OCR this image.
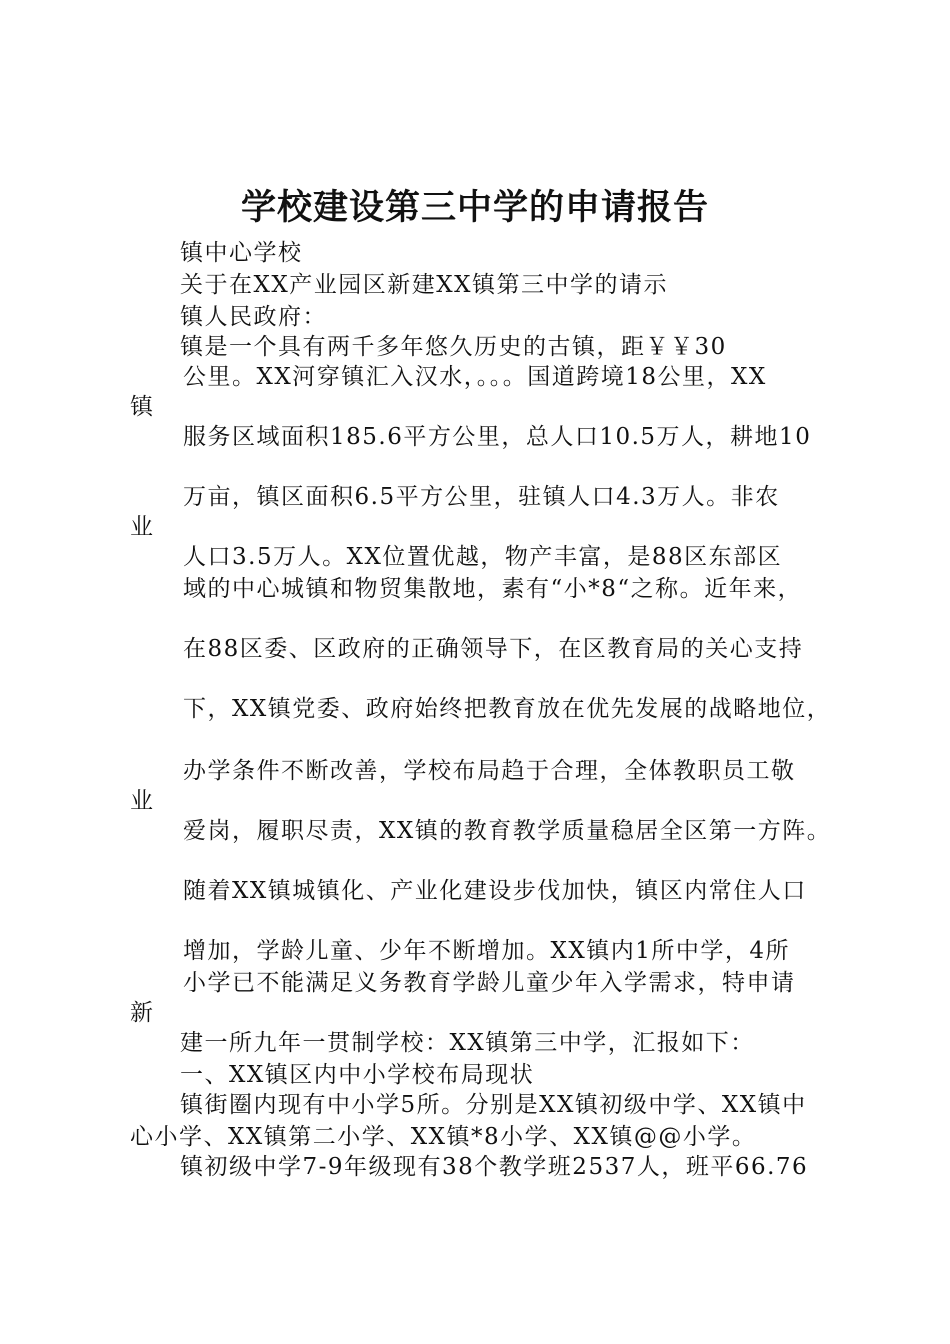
学校建设第三中学的申请报告
镇中心学校
关于在XX产业园区新建XX镇第三中学的请示
镇人民政府：
镇是一个具有两千多年悠久历史的古镇，距￥￥30
公里。XX河穿镇汇入汉水，。。。国道跨境18公里，XX
镇
服务区域面积185.6平方公里，总人口10.5万人，耕地10
万亩，镇区面积6.5平方公里，驻镇人口4.3万人。非农
业
人口3.5万人。XX位置优越，物产丰富，是88区东部区
域的中心城镇和物贸集散地，素有“小*8“之称。近年来，
在88区委、区政府的正确领导下，在区教育局的关心支持
下，XX镇党委、政府始终把教育放在优先发展的战略地位，
办学条件不断改善，学校布局趋于合理，全体教职员工敬
业
爱岗，履职尽责，XX镇的教育教学质量稳居全区第一方阵。
随着XX镇城镇化、产业化建设步伐加快，镇区内常住人口
增加，学龄儿童、少年不断增加。XX镇内1所中学，4所
小学已不能满足义务教育学龄儿童少年入学需求，特申请
新
建一所九年一贯制学校：XX镇第三中学，汇报如下：
一、XX镇区内中小学校布局现状
镇街圈内现有中小学5所。分别是XX镇初级中学、XX镇中
心小学、XX镇第二小学、XX镇*8小学、XX镇@@小学。
镇初级中学7-9年级现有38个教学班2537人，班平66.76
